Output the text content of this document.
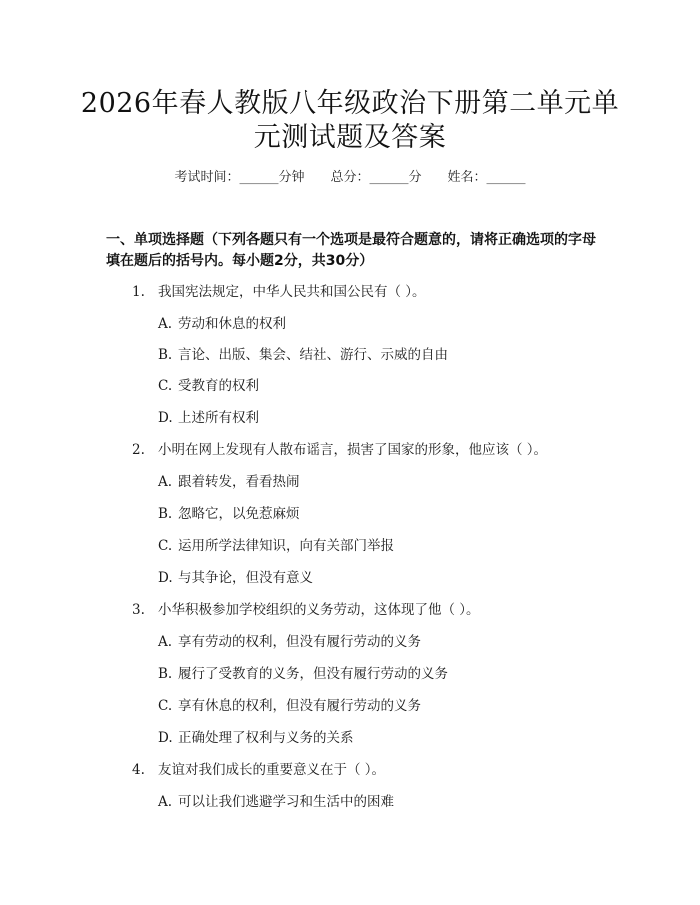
2026年春人教版八年级政治下册第二单元单
元测试题及答案
考试时间：______分钟 总分：______分 姓名：______
一、单项选择题（下列各题只有一个选项是最符合题意的，请将正确选项的字母
填在题后的括号内。每小题2分，共30分）
1. 我国宪法规定，中华人民共和国公民有（ ）。
A. 劳动和休息的权利
B. 言论、出版、集会、结社、游行、示威的自由
C. 受教育的权利
D. 上述所有权利
2. 小明在网上发现有人散布谣言，损害了国家的形象，他应该（ ）。
A. 跟着转发，看看热闹
B. 忽略它，以免惹麻烦
C. 运用所学法律知识，向有关部门举报
D. 与其争论，但没有意义
3. 小华积极参加学校组织的义务劳动，这体现了他（ ）。
A. 享有劳动的权利，但没有履行劳动的义务
B. 履行了受教育的义务，但没有履行劳动的义务
C. 享有休息的权利，但没有履行劳动的义务
D. 正确处理了权利与义务的关系
4. 友谊对我们成长的重要意义在于（ ）。
A. 可以让我们逃避学习和生活中的困难
